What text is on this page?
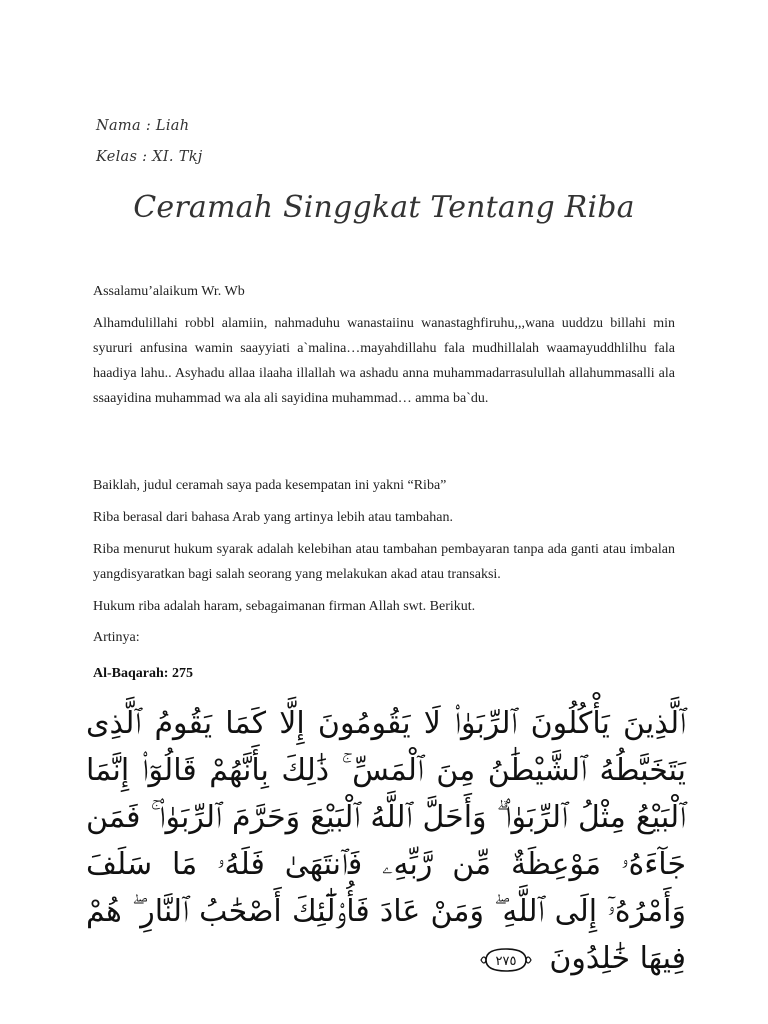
Nama : Liah
Kelas : XI. Tkj
Ceramah Singgkat Tentang Riba
Assalamu’alaikum Wr. Wb
Alhamdulillahi robbl alamiin, nahmaduhu wanastaiinu wanastaghfiruhu,,,wana uuddzu billahi min syururi anfusina wamin saayyiati a`malina…mayahdillahu fala mudhillalah waamayuddhlilhu fala haadiya lahu.. Asyhadu allaa ilaaha illallah wa ashadu anna muhammadarrasulullah allahummasalli ala ssaayidina muhammad wa ala ali sayidina muhammad… amma ba`du.
Baiklah, judul ceramah saya pada kesempatan ini yakni “Riba”
Riba berasal dari bahasa Arab yang artinya lebih atau tambahan.
Riba menurut hukum syarak adalah kelebihan atau tambahan pembayaran tanpa ada ganti atau imbalan yangdisyaratkan bagi salah seorang yang melakukan akad atau transaksi.
Hukum riba adalah haram, sebagaimanan firman Allah swt. Berikut.
Artinya:
Al-Baqarah: 275
ٱلَّذِينَ يَأْكُلُونَ ٱلرِّبَوٰا۟ لَا يَقُومُونَ إِلَّا كَمَا يَقُومُ ٱلَّذِى يَتَخَبَّطُهُ ٱلشَّيْطَٰنُ مِنَ ٱلْمَسِّ ۚ ذَٰلِكَ بِأَنَّهُمْ قَالُوٓا۟ إِنَّمَا ٱلْبَيْعُ مِثْلُ ٱلرِّبَوٰا۟ ۗ وَأَحَلَّ ٱللَّهُ ٱلْبَيْعَ وَحَرَّمَ ٱلرِّبَوٰا۟ ۚ فَمَن جَآءَهُۥ مَوْعِظَةٌ مِّن رَّبِّهِۦ فَٱنتَهَىٰ فَلَهُۥ مَا سَلَفَ وَأَمْرُهُۥٓ إِلَى ٱللَّهِ ۖ وَمَنْ عَادَ فَأُو۟لَٰٓئِكَ أَصْحَٰبُ ٱلنَّارِ ۖ هُمْ فِيهَا خَٰلِدُونَ
٢٧٥
